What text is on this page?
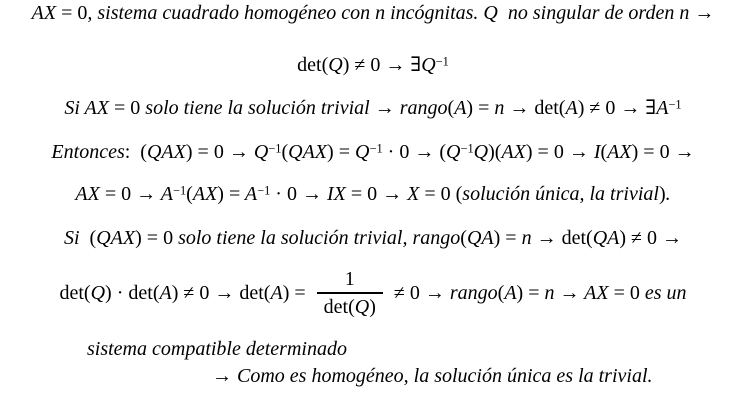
AX = 0, sistema cuadrado homogéneo con n incógnitas. Q  no singular de orden n →
$\det(Q) \ne 0 \to \exists Q^{-1}$
Si AX = 0 solo tiene la solución trivial → rango(A) = $n \to \det(A) \ne 0 \to \exists A^{-1}$
Entonces: $(QAX) = 0 \to Q^{-1}(QAX) = Q^{-1} \cdot 0 \to (Q^{-1}Q)(AX) = 0 \to I(AX) = 0$ →
AX = $0 \to A^{-1}(AX) = A^{-1} \cdot 0$ → IX = 0 → X = 0 (solución única, la trivial).
Si  (QAX) = 0 solo tiene la solución trivial, rango(QA) = n → det(QA) ≠ 0 →
$\det(Q) \cdot \det(A) \ne 0 \to \det(A) = \frac{1}{\det(Q)} \ne 0$ → rango(A) = n → AX = 0 es un
sistema compatible determinado
→ Como es homogéneo, la solución única es la trivial.
